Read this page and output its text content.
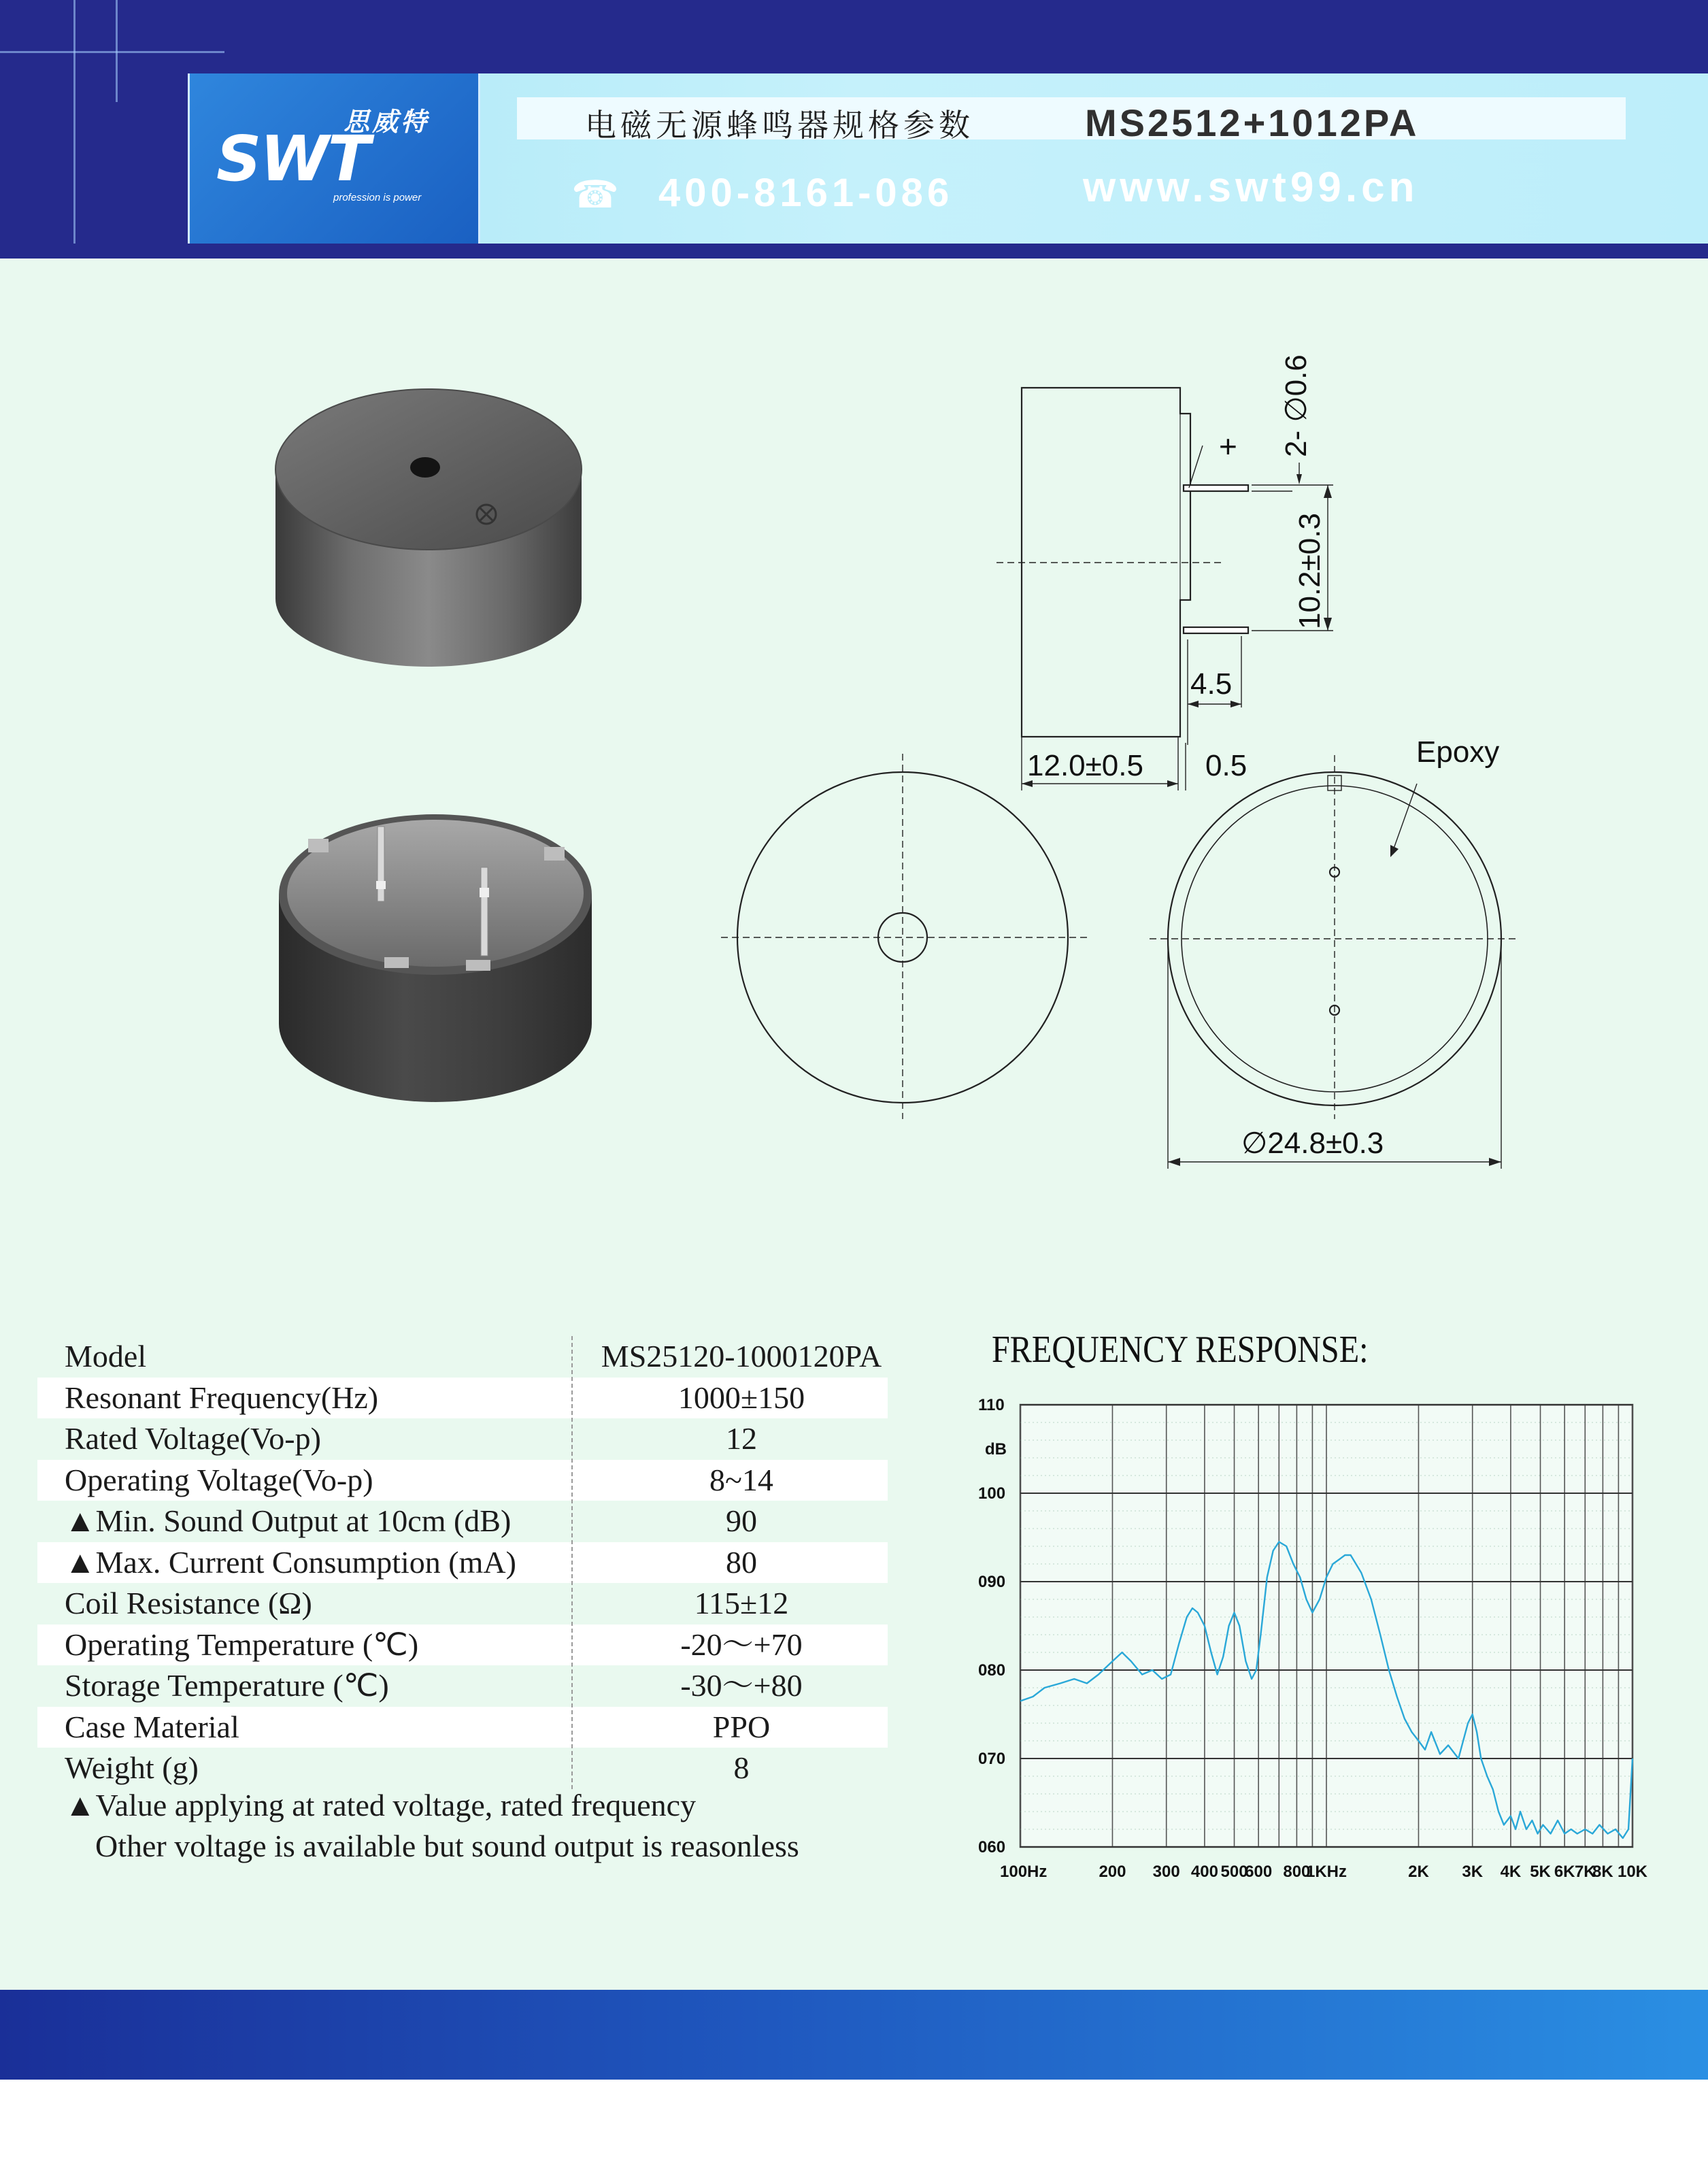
思威特
SWT
profession is power
电磁无源蜂鸣器规格参数	MS2512+1012PA
☎ 400-8161-086	www.swt99.cn
2- ∅0.6
+
10.2±0.3
4.5
12.0±0.5 0.5	Epoxy
∅24.8±0.3
Model	MS25120-1000120PA
Resonant Frequency(Hz)	1000±150
Rated Voltage(Vo-p)	12
Operating Voltage(Vo-p)	8~14
▲Min. Sound Output at 10cm (dB)	90
▲Max. Current Consumption (mA)	80
Coil Resistance (Ω)	115±12
Operating Temperature (℃)	-20～+70
Storage Temperature (℃)	-30～+80
Case Material	PPO
Weight (g)	8
▲Value applying at rated voltage, rated frequency
Other voltage is available but sound output is reasonless
FREQUENCY RESPONSE:
060
070
080
090
100
110
dB
100Hz	200 300 400 500
600 800
1KHz	2K 3K 4K 5K 6K 7K
8K 10K
